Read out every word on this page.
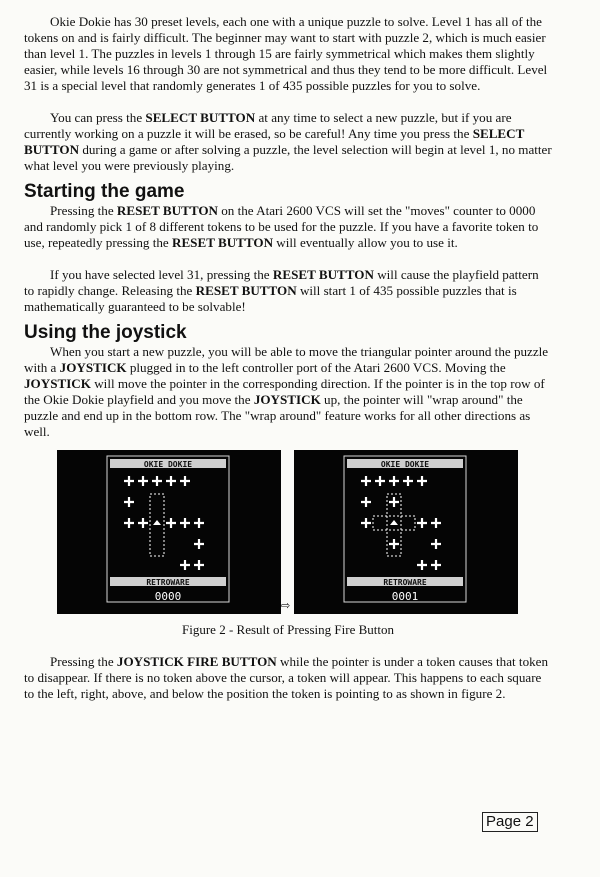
Okie Dokie has 30 preset levels, each one with a unique puzzle to solve. Level 1 has all of the tokens on and is fairly difficult. The beginner may want to start with puzzle 2, which is much easier than level 1. The puzzles in levels 1 through 15 are fairly symmetrical which makes them slightly easier, while levels 16 through 30 are not symmetrical and thus they tend to be more difficult. Level 31 is a special level that randomly generates 1 of 435 possible puzzles for you to solve.

You can press the SELECT BUTTON at any time to select a new puzzle, but if you are currently working on a puzzle it will be erased, so be careful! Any time you press the SELECT BUTTON during a game or after solving a puzzle, the level selection will begin at level 1, no matter what level you were previously playing.

Starting the game

Pressing the RESET BUTTON on the Atari 2600 VCS will set the "moves" counter to 0000 and randomly pick 1 of 8 different tokens to be used for the puzzle. If you have a favorite token to use, repeatedly pressing the RESET BUTTON will eventually allow you to use it.

If you have selected level 31, pressing the RESET BUTTON will cause the playfield pattern to rapidly change. Releasing the RESET BUTTON will start 1 of 435 possible puzzles that is mathematically guaranteed to be solvable!

Using the joystick

When you start a new puzzle, you will be able to move the triangular pointer around the puzzle with a JOYSTICK plugged in to the left controller port of the Atari 2600 VCS. Moving the JOYSTICK will move the pointer in the corresponding direction. If the pointer is in the top row of the Okie Dokie playfield and you move the JOYSTICK up, the pointer will "wrap around" the puzzle and end up in the bottom row. The "wrap around" feature works for all other directions as well.

OKIE DOKIE
RETROWARE
0000
⇨
OKIE DOKIE
RETROWARE
0001

Figure 2 - Result of Pressing Fire Button

Pressing the JOYSTICK FIRE BUTTON while the pointer is under a token causes that token to disappear. If there is no token above the cursor, a token will appear. This happens to each square to the left, right, above, and below the position the token is pointing to as shown in figure 2.

Page 2
